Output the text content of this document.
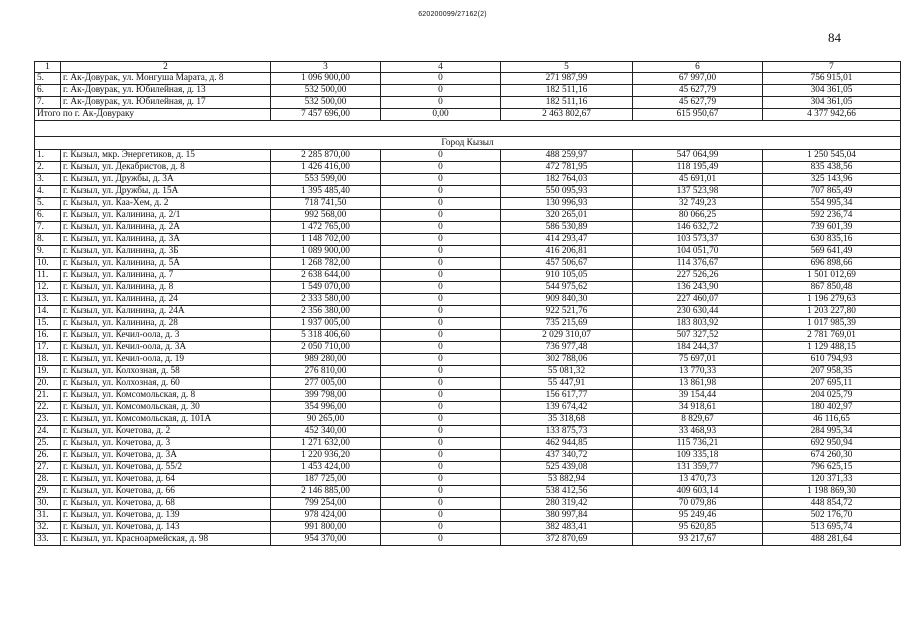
620200099/27162(2)
84
1	2	3	4	5	6	7
5.	г. Ак-Довурак, ул. Монгуша Марата, д. 8	1 096 900,00	0	271 987,99	67 997,00	756 915,01
6.	г. Ак-Довурак, ул. Юбилейная, д. 13	532 500,00	0	182 511,16	45 627,79	304 361,05
7.	г. Ак-Довурак, ул. Юбилейная, д. 17	532 500,00	0	182 511,16	45 627,79	304 361,05
Итого по г. Ак-Довураку		7 457 696,00	0,00	2 463 802,67	615 950,67	4 377 942,66

Город Кызыл						
1.	г. Кызыл, мкр. Энергетиков, д. 15	2 285 870,00	0	488 259,97	547 064,99	1 250 545,04
2.	г. Кызыл, ул. Декабристов, д. 8	1 426 416,00	0	472 781,95	118 195,49	835 438,56
3.	г. Кызыл, ул. Дружбы, д. 3А	553 599,00	0	182 764,03	45 691,01	325 143,96
4.	г. Кызыл, ул. Дружбы, д. 15А	1 395 485,40	0	550 095,93	137 523,98	707 865,49
5.	г. Кызыл, ул. Каа-Хем, д. 2	718 741,50	0	130 996,93	32 749,23	554 995,34
6.	г. Кызыл, ул. Калинина, д. 2/1	992 568,00	0	320 265,01	80 066,25	592 236,74
7.	г. Кызыл, ул. Калинина, д. 2А	1 472 765,00	0	586 530,89	146 632,72	739 601,39
8.	г. Кызыл, ул. Калинина, д. 3А	1 148 702,00	0	414 293,47	103 573,37	630 835,16
9.	г. Кызыл, ул. Калинина, д. 3Б	1 089 900,00	0	416 206,81	104 051,70	569 641,49
10.	г. Кызыл, ул. Калинина, д. 5А	1 268 782,00	0	457 506,67	114 376,67	696 898,66
11.	г. Кызыл, ул. Калинина, д. 7	2 638 644,00	0	910 105,05	227 526,26	1 501 012,69
12.	г. Кызыл, ул. Калинина, д. 8	1 549 070,00	0	544 975,62	136 243,90	867 850,48
13.	г. Кызыл, ул. Калинина, д. 24	2 333 580,00	0	909 840,30	227 460,07	1 196 279,63
14.	г. Кызыл, ул. Калинина, д. 24А	2 356 380,00	0	922 521,76	230 630,44	1 203 227,80
15.	г. Кызыл, ул. Калинина, д. 28	1 937 005,00	0	735 215,69	183 803,92	1 017 985,39
16.	г. Кызыл, ул. Кечил-оола, д. 3	5 318 406,60	0	2 029 310,07	507 327,52	2 781 769,01
17.	г. Кызыл, ул. Кечил-оола, д. 3А	2 050 710,00	0	736 977,48	184 244,37	1 129 488,15
18.	г. Кызыл, ул. Кечил-оола, д. 19	989 280,00	0	302 788,06	75 697,01	610 794,93
19.	г. Кызыл, ул. Колхозная, д. 58	276 810,00	0	55 081,32	13 770,33	207 958,35
20.	г. Кызыл, ул. Колхозная, д. 60	277 005,00	0	55 447,91	13 861,98	207 695,11
21.	г. Кызыл, ул. Комсомольская, д. 8	399 798,00	0	156 617,77	39 154,44	204 025,79
22.	г. Кызыл, ул. Комсомольская, д. 30	354 996,00	0	139 674,42	34 918,61	180 402,97
23.	г. Кызыл, ул. Комсомольская, д. 101А	90 265,00	0	35 318,68	8 829,67	46 116,65
24.	г. Кызыл, ул. Кочетова, д. 2	452 340,00	0	133 875,73	33 468,93	284 995,34
25.	г. Кызыл, ул. Кочетова, д. 3	1 271 632,00	0	462 944,85	115 736,21	692 950,94
26.	г. Кызыл, ул. Кочетова, д. 3А	1 220 936,20	0	437 340,72	109 335,18	674 260,30
27.	г. Кызыл, ул. Кочетова, д. 55/2	1 453 424,00	0	525 439,08	131 359,77	796 625,15
28.	г. Кызыл, ул. Кочетова, д. 64	187 725,00	0	53 882,94	13 470,73	120 371,33
29.	г. Кызыл, ул. Кочетова, д. 66	2 146 885,00	0	538 412,56	409 603,14	1 198 869,30
30.	г. Кызыл, ул. Кочетова, д. 68	799 254,00	0	280 319,42	70 079,86	448 854,72
31.	г. Кызыл, ул. Кочетова, д. 139	978 424,00	0	380 997,84	95 249,46	502 176,70
32.	г. Кызыл, ул. Кочетова, д. 143	991 800,00	0	382 483,41	95 620,85	513 695,74
33.	г. Кызыл, ул. Красноармейская, д. 98	954 370,00	0	372 870,69	93 217,67	488 281,64
